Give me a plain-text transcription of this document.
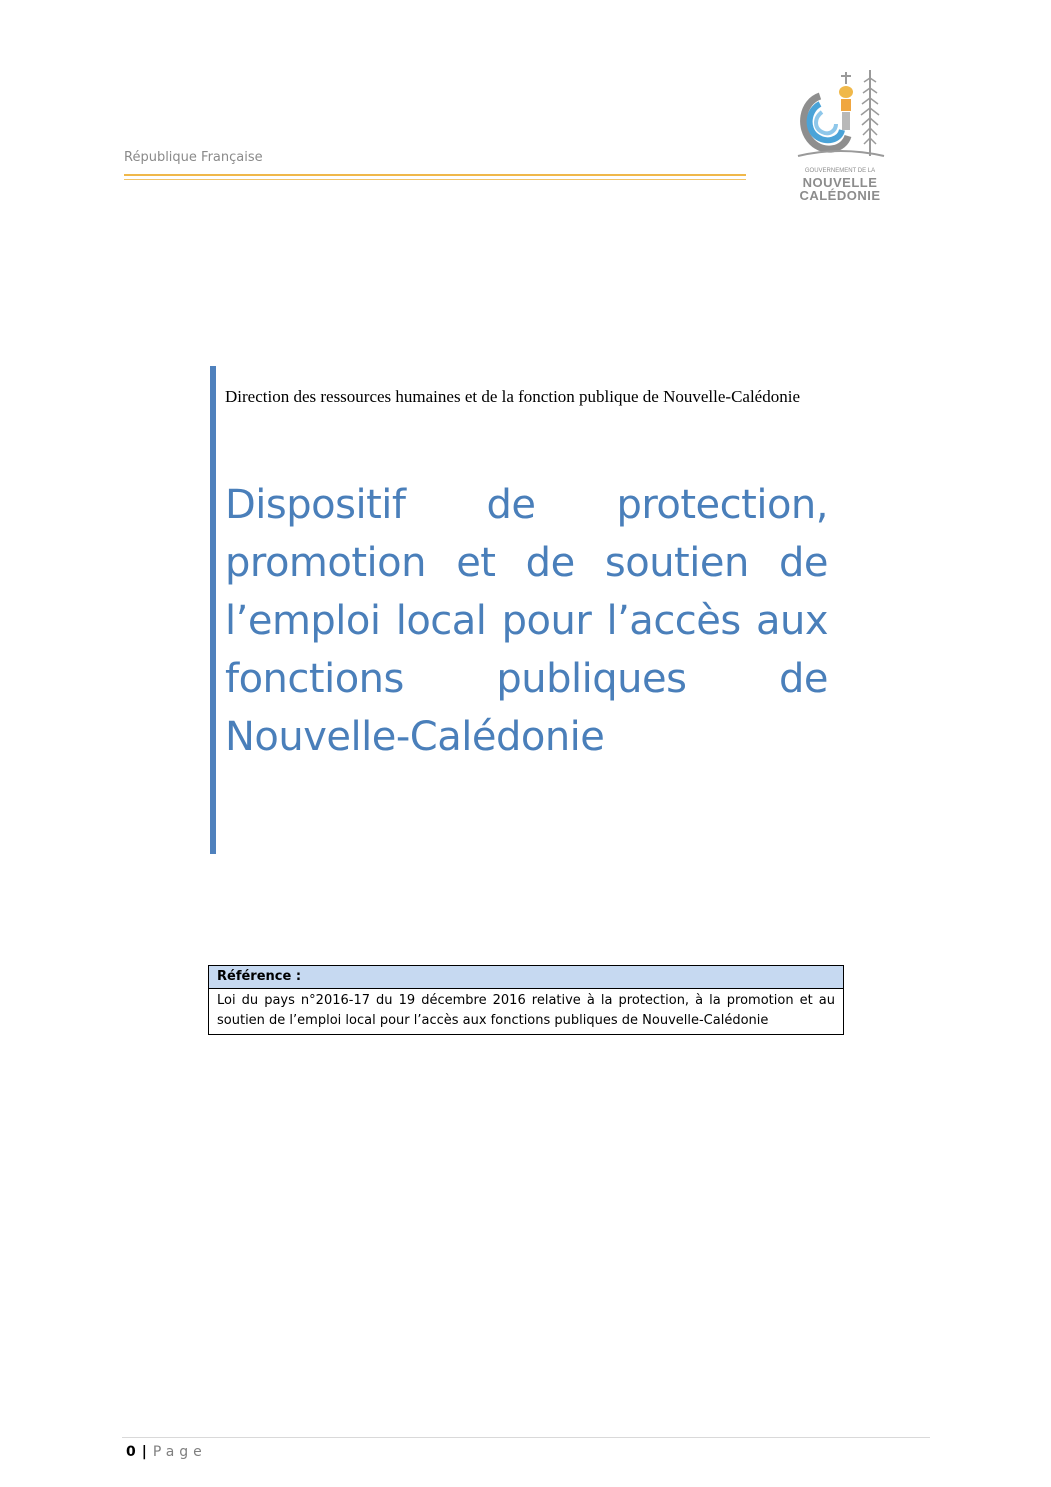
République Française
GOUVERNEMENT DE LA
NOUVELLE
CALÉDONIE
Direction des ressources humaines et de la fonction publique de Nouvelle-Calédonie
Dispositif de protection, promotion et de soutien de l’emploi local pour l’accès aux fonctions publiques de Nouvelle-Calédonie
Référence :
Loi du pays n°2016-17 du 19 décembre 2016 relative à la protection, à la promotion et au soutien de l’emploi local pour l’accès aux fonctions publiques de Nouvelle-Calédonie
0 | Page
